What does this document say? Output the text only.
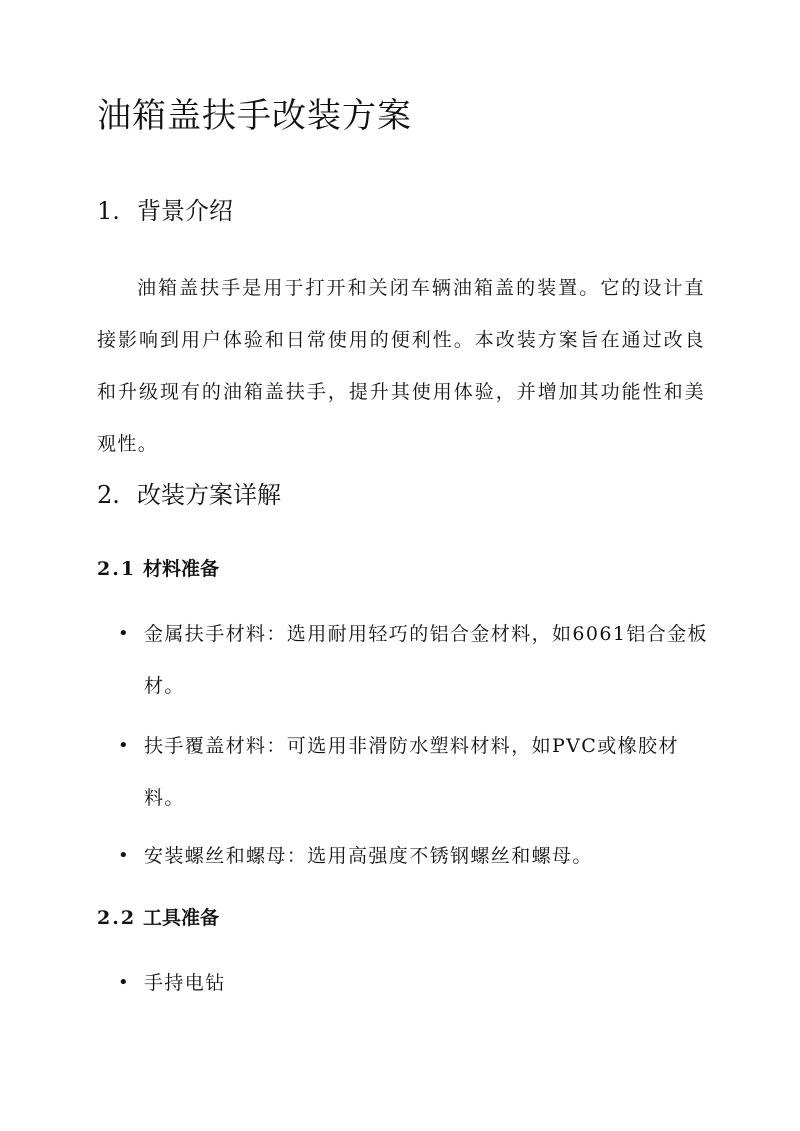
油箱盖扶手改装方案
1. 背景介绍

油箱盖扶手是用于打开和关闭车辆油箱盖的装置。它的设计直接影响到用户体验和日常使用的便利性。本改装方案旨在通过改良和升级现有的油箱盖扶手，提升其使用体验，并增加其功能性和美观性。

2. 改装方案详解
2.1 材料准备
• 金属扶手材料：选用耐用轻巧的铝合金材料，如6061铝合金板材。
• 扶手覆盖材料：可选用非滑防水塑料材料，如PVC或橡胶材料。
• 安装螺丝和螺母：选用高强度不锈钢螺丝和螺母。
2.2 工具准备
• 手持电钻
